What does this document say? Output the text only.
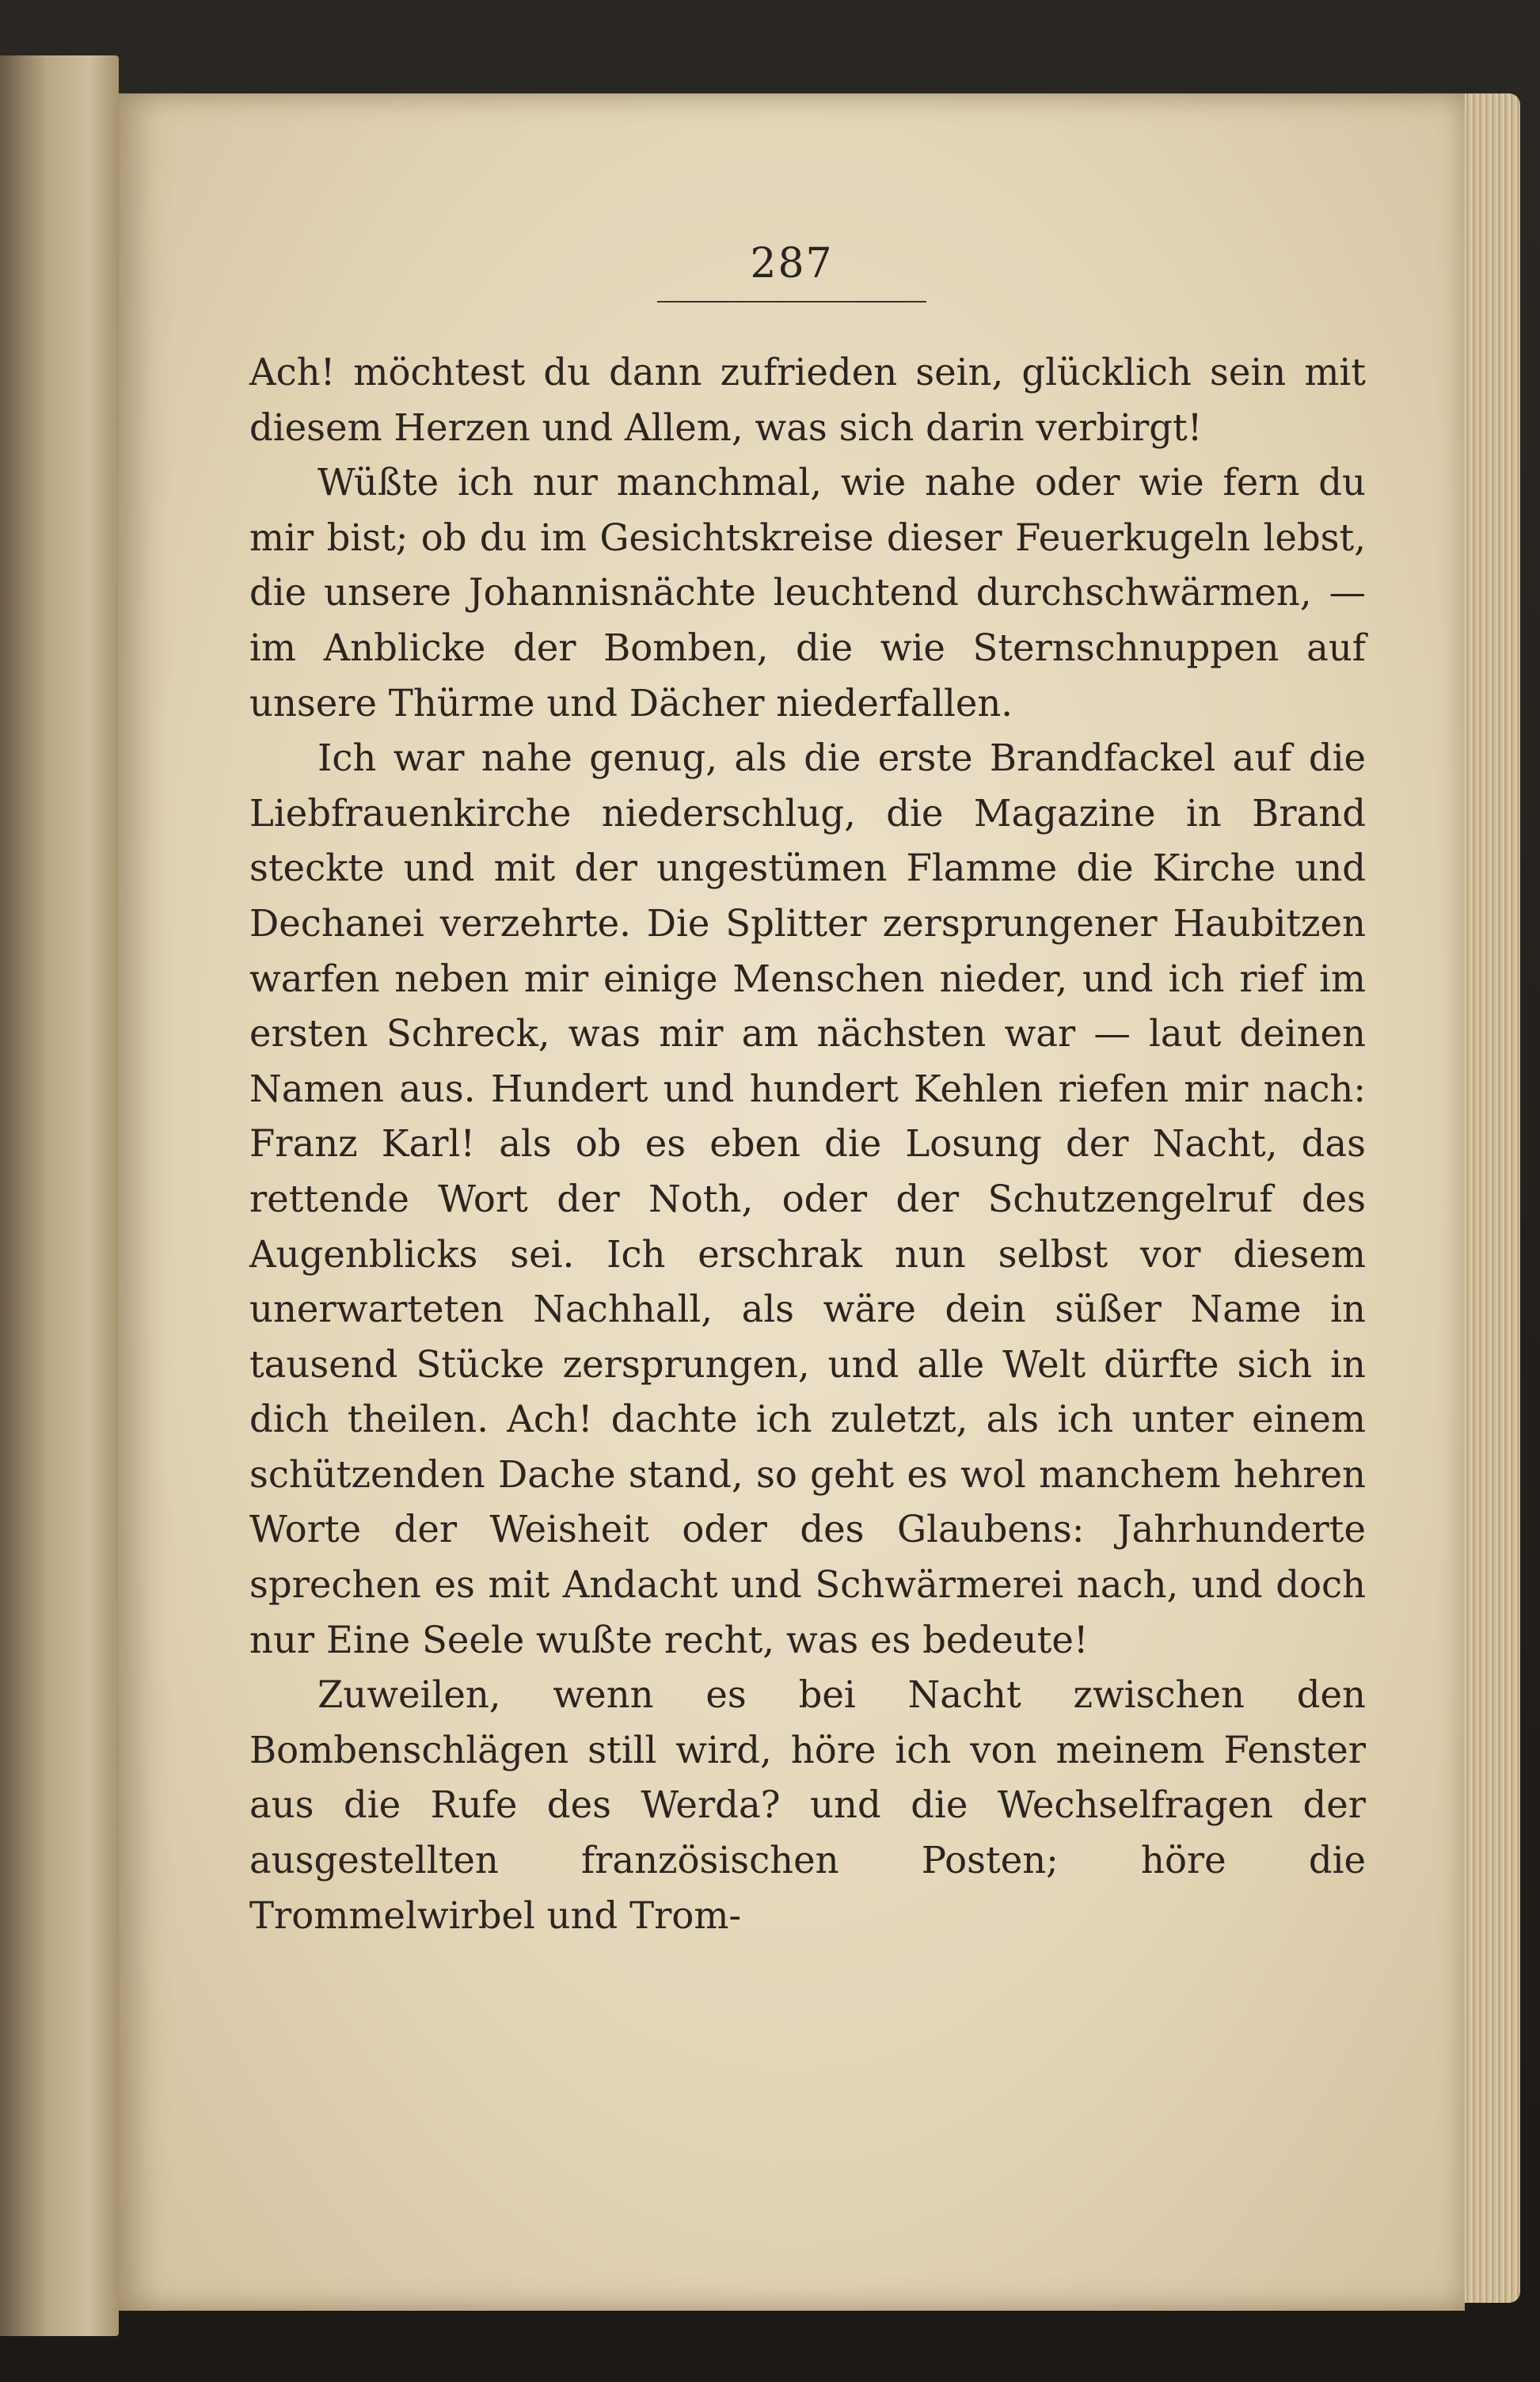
287

Ach! möchtest du dann zufrieden sein, glücklich sein mit diesem Herzen und Allem, was sich darin verbirgt!

Wüßte ich nur manchmal, wie nahe oder wie fern du mir bist; ob du im Gesichtskreise dieser Feuerkugeln lebst, die unsere Johannisnächte leuchtend durchschwärmen, — im Anblicke der Bomben, die wie Sternschnuppen auf unsere Thürme und Dächer niederfallen.

Ich war nahe genug, als die erste Brandfackel auf die Liebfrauenkirche niederschlug, die Magazine in Brand steckte und mit der ungestümen Flamme die Kirche und Dechanei verzehrte. Die Splitter zersprungener Haubitzen warfen neben mir einige Menschen nieder, und ich rief im ersten Schreck, was mir am nächsten war — laut deinen Namen aus. Hundert und hundert Kehlen riefen mir nach: Franz Karl! als ob es eben die Losung der Nacht, das rettende Wort der Noth, oder der Schutzengelruf des Augenblicks sei. Ich erschrak nun selbst vor diesem unerwarteten Nachhall, als wäre dein süßer Name in tausend Stücke zersprungen, und alle Welt dürfte sich in dich theilen. Ach! dachte ich zuletzt, als ich unter einem schützenden Dache stand, so geht es wol manchem hehren Worte der Weisheit oder des Glaubens: Jahrhunderte sprechen es mit Andacht und Schwärmerei nach, und doch nur Eine Seele wußte recht, was es bedeute!

Zuweilen, wenn es bei Nacht zwischen den Bombenschlägen still wird, höre ich von meinem Fenster aus die Rufe des Werda? und die Wechselfragen der ausgestellten französischen Posten; höre die Trommelwirbel und Trom-
